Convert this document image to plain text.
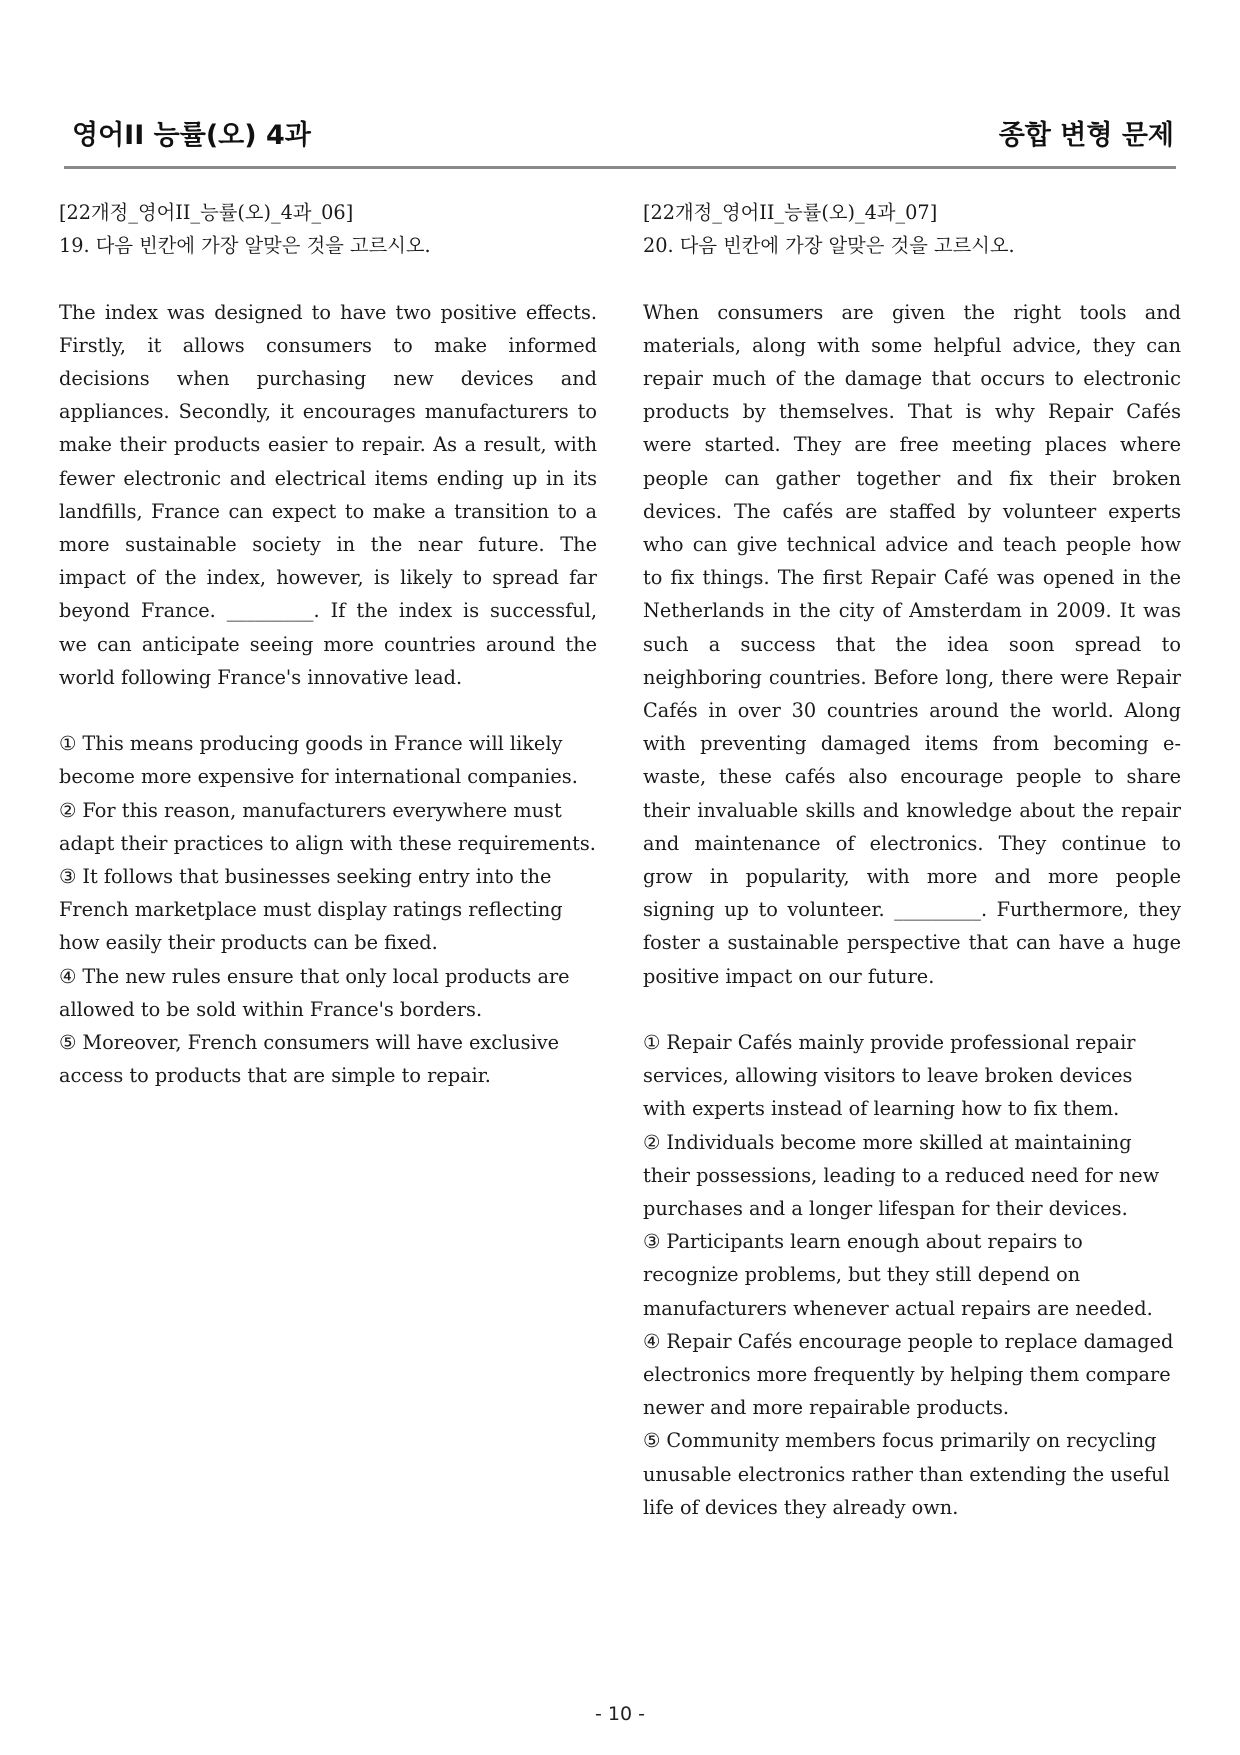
영어II 능률(오) 4과	종합 변형 문제
[22개정_영어II_능률(오)_4과_06]
19. 다음 빈칸에 가장 알맞은 것을 고르시오.

The index was designed to have two positive effects. Firstly, it allows consumers to make informed decisions when purchasing new devices and appliances. Secondly, it encourages manufacturers to make their products easier to repair. As a result, with fewer electronic and electrical items ending up in its landfills, France can expect to make a transition to a more sustainable society in the near future. The impact of the index, however, is likely to spread far beyond France. _________. If the index is successful, we can anticipate seeing more countries around the world following France's innovative lead.

① This means producing goods in France will likely become more expensive for international companies.

② For this reason, manufacturers everywhere must adapt their practices to align with these requirements.

③ It follows that businesses seeking entry into the French marketplace must display ratings reflecting how easily their products can be fixed.

④ The new rules ensure that only local products are allowed to be sold within France's borders.

⑤ Moreover, French consumers will have exclusive access to products that are simple to repair.

[22개정_영어II_능률(오)_4과_07]
20. 다음 빈칸에 가장 알맞은 것을 고르시오.

When consumers are given the right tools and materials, along with some helpful advice, they can repair much of the damage that occurs to electronic products by themselves. That is why Repair Cafés were started. They are free meeting places where people can gather together and fix their broken devices. The cafés are staffed by volunteer experts who can give technical advice and teach people how to fix things. The first Repair Café was opened in the Netherlands in the city of Amsterdam in 2009. It was such a success that the idea soon spread to neighboring countries. Before long, there were Repair Cafés in over 30 countries around the world. Along with preventing damaged items from becoming e-waste, these cafés also encourage people to share their invaluable skills and knowledge about the repair and maintenance of electronics. They continue to grow in popularity, with more and more people signing up to volunteer. _________. Furthermore, they foster a sustainable perspective that can have a huge positive impact on our future.

① Repair Cafés mainly provide professional repair services, allowing visitors to leave broken devices with experts instead of learning how to fix them.

② Individuals become more skilled at maintaining their possessions, leading to a reduced need for new purchases and a longer lifespan for their devices.

③ Participants learn enough about repairs to recognize problems, but they still depend on manufacturers whenever actual repairs are needed.

④ Repair Cafés encourage people to replace damaged electronics more frequently by helping them compare newer and more repairable products.

⑤ Community members focus primarily on recycling unusable electronics rather than extending the useful life of devices they already own.

- 10 -
